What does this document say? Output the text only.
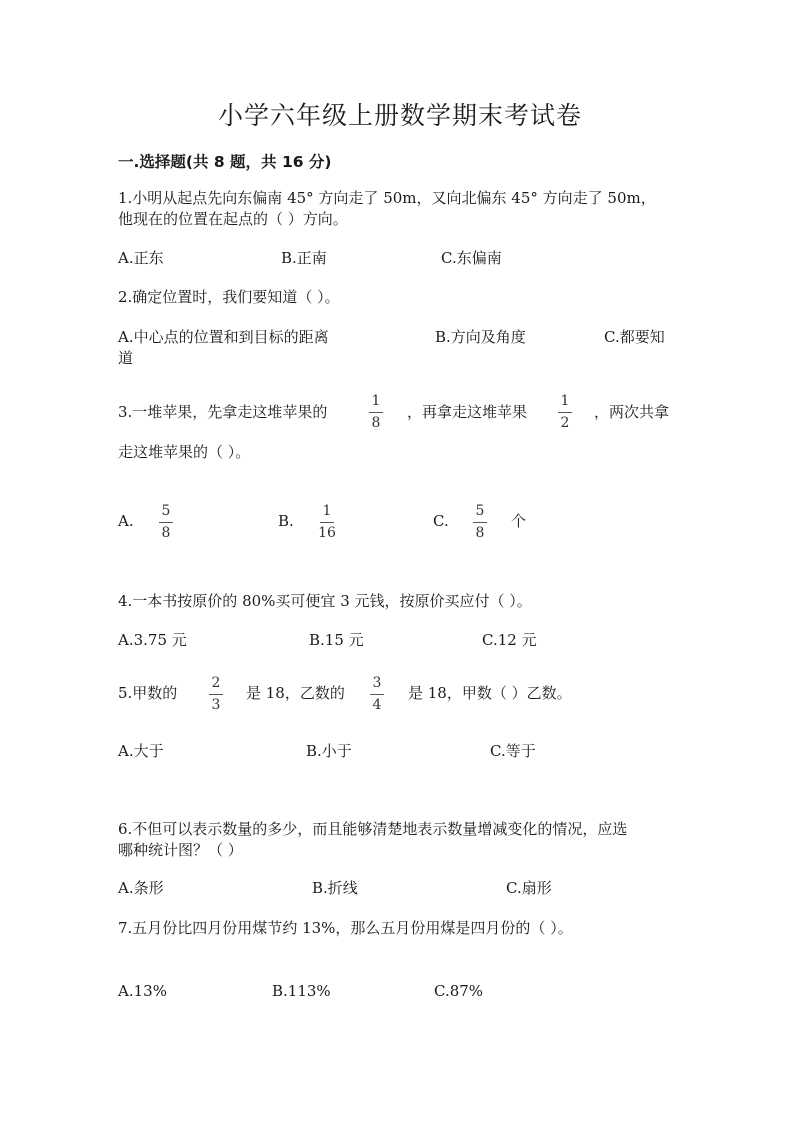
小学六年级上册数学期末考试卷
一.选择题(共 8 题，共 16 分)
1.小明从起点先向东偏南 45° 方向走了 50m，又向北偏东 45° 方向走了 50m，
他现在的位置在起点的（ ）方向。
A.正东	B.正南	C.东偏南
2.确定位置时，我们要知道（ ）。
A.中心点的位置和到目标的距离	B.方向及角度	C.都要知
道
3.一堆苹果，先拿走这堆苹果的
1
8
，再拿走这堆苹果
1
2
，两次共拿
走这堆苹果的（ ）。
A.
5
8
B.
1
16
C.
5
8
个
4.一本书按原价的 80%买可便宜 3 元钱，按原价买应付（ ）。
A.3.75 元	B.15 元	C.12 元
5.甲数的
2
3
是 18，乙数的
3
4
是 18，甲数（ ）乙数。
A.大于	B.小于	C.等于
6.不但可以表示数量的多少，而且能够清楚地表示数量增减变化的情况，应选
哪种统计图？（ ）
A.条形	B.折线	C.扇形
7.五月份比四月份用煤节约 13%，那么五月份用煤是四月份的（ ）。
A.13%	B.113%	C.87%
